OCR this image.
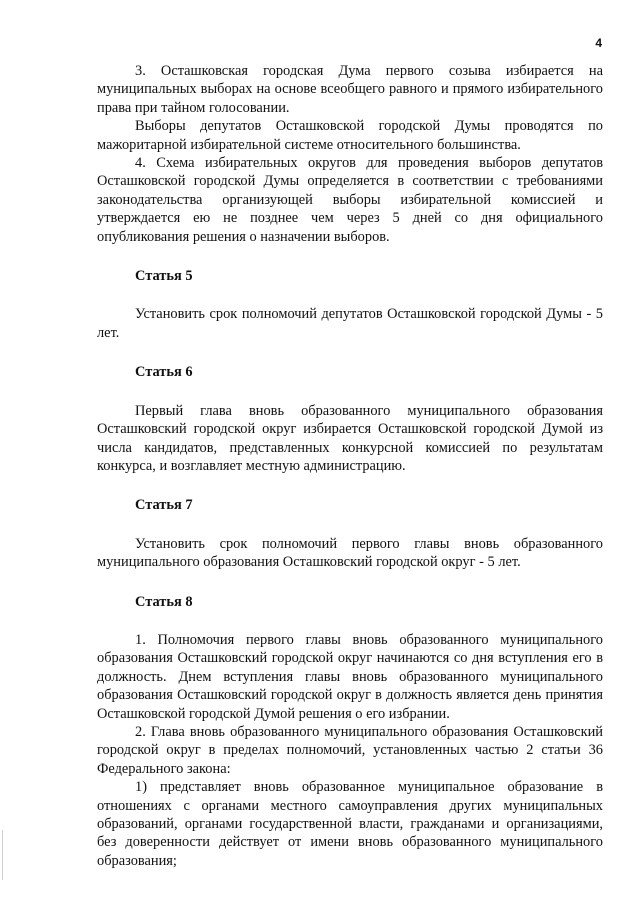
4

3. Осташковская городская Дума первого созыва избирается на муниципальных выборах на основе всеобщего равного и прямого избирательного права при тайном голосовании.

Выборы депутатов Осташковской городской Думы проводятся по мажоритарной избирательной системе относительного большинства.

4. Схема избирательных округов для проведения выборов депутатов Осташковской городской Думы определяется в соответствии с требованиями законодательства организующей выборы избирательной комиссией и утверждается ею не позднее чем через 5 дней со дня официального опубликования решения о назначении выборов.

Статья 5

Установить срок полномочий депутатов Осташковской городской Думы - 5 лет.

Статья 6

Первый глава вновь образованного муниципального образования Осташковский городской округ избирается Осташковской городской Думой из числа кандидатов, представленных конкурсной комиссией по результатам конкурса, и возглавляет местную администрацию.

Статья 7

Установить срок полномочий первого главы вновь образованного муниципального образования Осташковский городской округ - 5 лет.

Статья 8

1. Полномочия первого главы вновь образованного муниципального образования Осташковский городской округ начинаются со дня вступления его в должность. Днем вступления главы вновь образованного муниципального образования Осташковский городской округ в должность является день принятия Осташковской городской Думой решения о его избрании.

2. Глава вновь образованного муниципального образования Осташковский городской округ в пределах полномочий, установленных частью 2 статьи 36 Федерального закона:

1) представляет вновь образованное муниципальное образование в отношениях с органами местного самоуправления других муниципальных образований, органами государственной власти, гражданами и организациями, без доверенности действует от имени вновь образованного муниципального образования;
